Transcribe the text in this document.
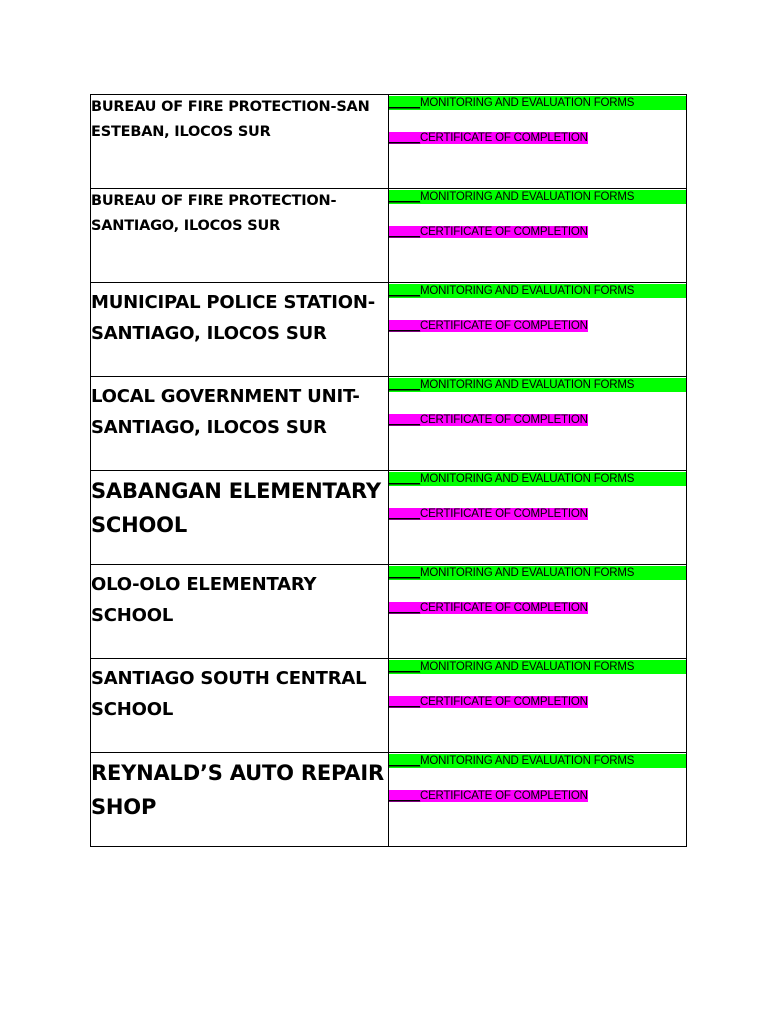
BUREAU OF FIRE PROTECTION-SAN ESTEBAN, ILOCOS SUR	_____MONITORING AND EVALUATION FORMS
_____CERTIFICATE OF COMPLETION

BUREAU OF FIRE PROTECTION-SANTIAGO, ILOCOS SUR	_____MONITORING AND EVALUATION FORMS
_____CERTIFICATE OF COMPLETION

MUNICIPAL POLICE STATION-SANTIAGO, ILOCOS SUR	_____MONITORING AND EVALUATION FORMS
_____CERTIFICATE OF COMPLETION

LOCAL GOVERNMENT UNIT-SANTIAGO, ILOCOS SUR	_____MONITORING AND EVALUATION FORMS
_____CERTIFICATE OF COMPLETION

SABANGAN ELEMENTARY SCHOOL	_____MONITORING AND EVALUATION FORMS
_____CERTIFICATE OF COMPLETION

OLO-OLO ELEMENTARY SCHOOL	_____MONITORING AND EVALUATION FORMS
_____CERTIFICATE OF COMPLETION

SANTIAGO SOUTH CENTRAL SCHOOL	_____MONITORING AND EVALUATION FORMS
_____CERTIFICATE OF COMPLETION

REYNALD’S AUTO REPAIR SHOP	_____MONITORING AND EVALUATION FORMS
_____CERTIFICATE OF COMPLETION
